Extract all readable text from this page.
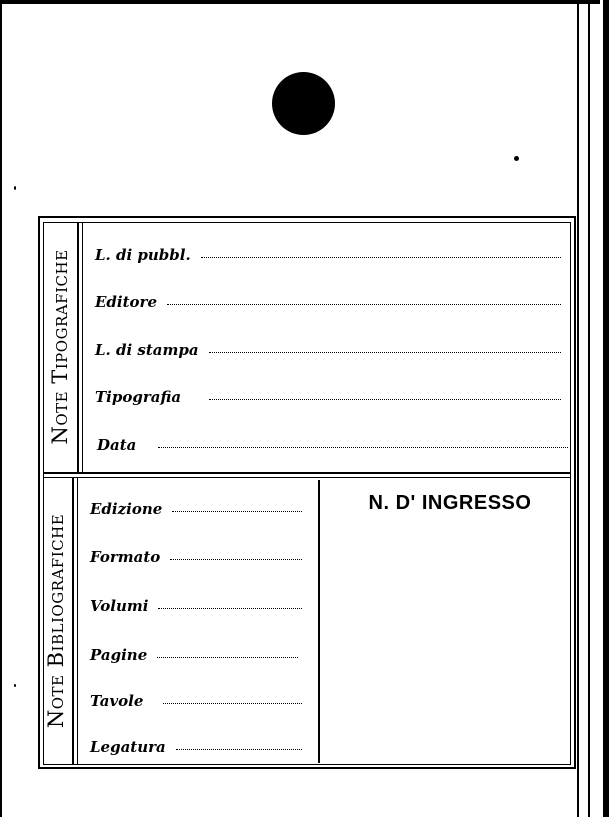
Note Tipografiche
Note Bibliografiche
L. di pubbl.
Editore
L. di stampa
Tipografia
Data
Edizione
Formato
Volumi
Pagine
Tavole
Legatura
N. D' INGRESSO
